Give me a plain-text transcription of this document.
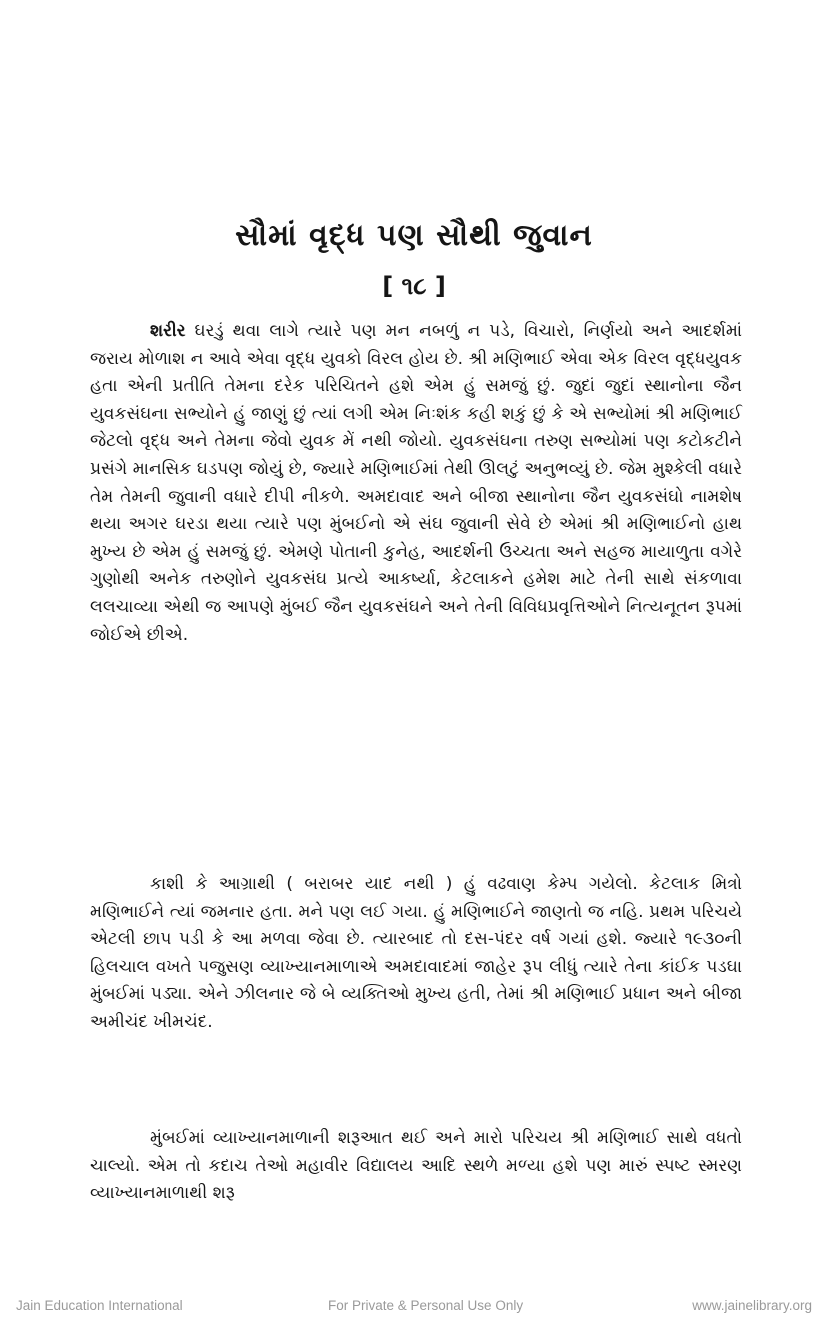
સૌમાં વૃદ્ધ પણ સૌથી જુવાન
[ ૧૮ ]

શરીર ઘરડું થવા લાગે ત્યારે પણ મન નબળું ન પડે, વિચારો, નિર્ણયો અને આદર્શમાં જરાય મોળાશ ન આવે એવા વૃદ્ધ યુવકો વિરલ હોય છે. શ્રી મણિભાઈ એવા એક વિરલ વૃદ્ધયુવક હતા એની પ્રતીતિ તેમના દરેક પરિચિતને હશે એમ હું સમજું છું. જુદાં જુદાં સ્થાનોના જૈન યુવકસંઘના સભ્યોને હું જાણું છું ત્યાં લગી એમ નિઃશંક કહી શકું છું કે એ સભ્યોમાં શ્રી મણિભાઈ જેટલો વૃદ્ધ અને તેમના જેવો યુવક મેં નથી જોયો. યુવકસંઘના તરુણ સભ્યોમાં પણ કટોકટીને પ્રસંગે માનસિક ઘડપણ જોયું છે, જ્યારે મણિભાઈમાં તેથી ઊલટું અનુભવ્યું છે. જેમ મુશ્કેલી વધારે તેમ તેમની જુવાની વધારે દીપી નીકળે. અમદાવાદ અને બીજા સ્થાનોના જૈન યુવકસંઘો નામશેષ થયા અગર ઘરડા થયા ત્યારે પણ મુંબઈનો એ સંઘ જુવાની સેવે છે એમાં શ્રી મણિભાઈનો હાથ મુખ્ય છે એમ હું સમજું છું. એમણે પોતાની કુનેહ, આદર્શની ઉચ્ચતા અને સહજ માયાળુતા વગેરે ગુણોથી અનેક તરુણોને યુવકસંઘ પ્રત્યે આકર્ષ્યા, કેટલાકને હમેશ માટે તેની સાથે સંકળાવા લલચાવ્યા એથી જ આપણે મુંબઈ જૈન યુવકસંઘને અને તેની વિવિધપ્રવૃત્તિઓને નિત્યનૂતન રૂપમાં જોઈએ છીએ.

કાશી કે આગ્રાથી ( બરાબર યાદ નથી ) હું વઢવાણ કેમ્પ ગયેલો. કેટલાક મિત્રો મણિભાઈને ત્યાં જમનાર હતા. મને પણ લઈ ગયા. હું મણિભાઈને જાણતો જ નહિ. પ્રથમ પરિચયે એટલી છાપ પડી કે આ મળવા જેવા છે. ત્યારબાદ તો દસ-પંદર વર્ષ ગયાં હશે. જ્યારે ૧૯૩૦ની હિલચાલ વખતે પજુસણ વ્યાખ્યાનમાળાએ અમદાવાદમાં જાહેર રૂપ લીધું ત્યારે તેના કાંઈક પડઘા મુંબઈમાં પડ્યા. એને ઝીલનાર જે બે વ્યક્તિઓ મુખ્ય હતી, તેમાં શ્રી મણિભાઈ પ્રધાન અને બીજા અમીચંદ ખીમચંદ.

મુંબઈમાં વ્યાખ્યાનમાળાની શરૂઆત થઈ અને મારો પરિચય શ્રી મણિભાઈ સાથે વધતો ચાલ્યો. એમ તો કદાચ તેઓ મહાવીર વિદ્યાલય આદિ સ્થળે મળ્યા હશે પણ મારું સ્પષ્ટ સ્મરણ વ્યાખ્યાનમાળાથી શરૂ

Jain Education International	For Private & Personal Use Only	www.jainelibrary.org
